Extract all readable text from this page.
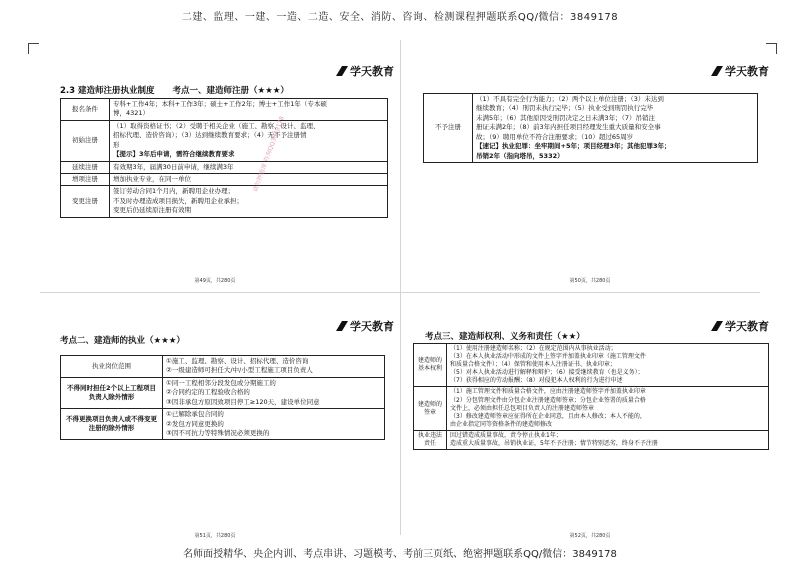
二建、监理、一建、一造、二造、安全、消防、咨询、检测课程押题联系QQ/微信：3849178
学天教育
2.3 建造师注册执业制度 考点一、建造师注册（★★★）
报名条件	专科+工作4年；本科+工作3年；硕士+工作2年；博士+工作1年（专本硕
博，4321）

初始注册	（1）取得资格证书；（2）受聘于相关企业（施工、勘察、设计、监理、
招标代理、造价咨询）；（3）达到继续教育要求；（4）无不予注册情
形
【提示】3年后申请，需符合继续教育要求

延续注册	有效期3年，届满30日前申请，继续满3年
增项注册	增加执业专业，在同一单位
变更注册	签订劳动合同1个月内，新聘用企业办理；
不及时办理造成项目损失，新聘用企业承担；
变更后仍延续原注册有效期
第49页，共280页
请勿押题课 咨询QQ3849178
学天教育
不予注册	
（1）不具有完全行为能力；（2）两个以上单位注册；（3）未达到
继续教育；（4）刑罚未执行完毕；（5）执业受到刑罚执行完毕
未满5年；（6）其他原因受刑罚决定之日未满3年；（7）吊销注
册证未满2年；（8）前3年内担任项目经理发生重大质量和安全事
故；（9）聘用单位不符合注册要求；（10）超过65周岁
【速记】执业犯罪：坐牢期间+5年；项目经理3年；其他犯罪3年；
吊销2年（指向塔吊，5332）
第50页，共280页
学天教育
考点二、建造师的执业（★★★）
执业岗位范围	①施工、监理、勘察、设计、招标代理、造价咨询
②一级建造师可担任大/中/小型工程施工项目负责人

不得同时担任2个以上工程项目负责人除外情形	①同一工程相邻分段发包或分期施工的
②合同约定的工程验收合格的
③因非承包方原因致项目停工≥120天，建设单位同意

不得更换项目负责人或不得变更注册的除外情形	①已解除承包合同的
②发包方同意更换的
③因不可抗力等特殊情况必须更换的
第51页，共280页
学天教育
考点三、建造师权利、义务和责任（★★）
建造师的基本权利	（1）使用注册建造师名称；（2）在规定范围内从事执业活动；
（3）在本人执业活动中形成的文件上签字并加盖执业印章（施工管理文件
和质量合格文件）；（4）保管和使用本人注册证书、执业印章；
（5）对本人执业活动进行解释和辩护；（6）接受继续教育（也是义务）；
（7）获得相应的劳动报酬；（8）对侵犯本人权利的行为进行申述

建造师的签章	（1）施工管理文件和质量合格文件，应由注册建造师签字并加盖执业印章
（2）分包管理文件由分包企业注册建造师签章；分包企业签署的质量合格
文件上，必须由担任总包项目负责人的注册建造师签章
（3）修改建造师签章应征得所在企业同意，且由本人修改；本人不能的，
由企业指定同等资格条件的建造师修改

执业违法责任	因过错造成质量事故，责令停止执业1年；
造成重大质量事故，吊销执业证，5年不予注册；情节特别恶劣，终身不予注册
第52页，共280页
名师面授精华、央企内训、考点串讲、习题模考、考前三页纸、绝密押题联系QQ/微信：3849178
